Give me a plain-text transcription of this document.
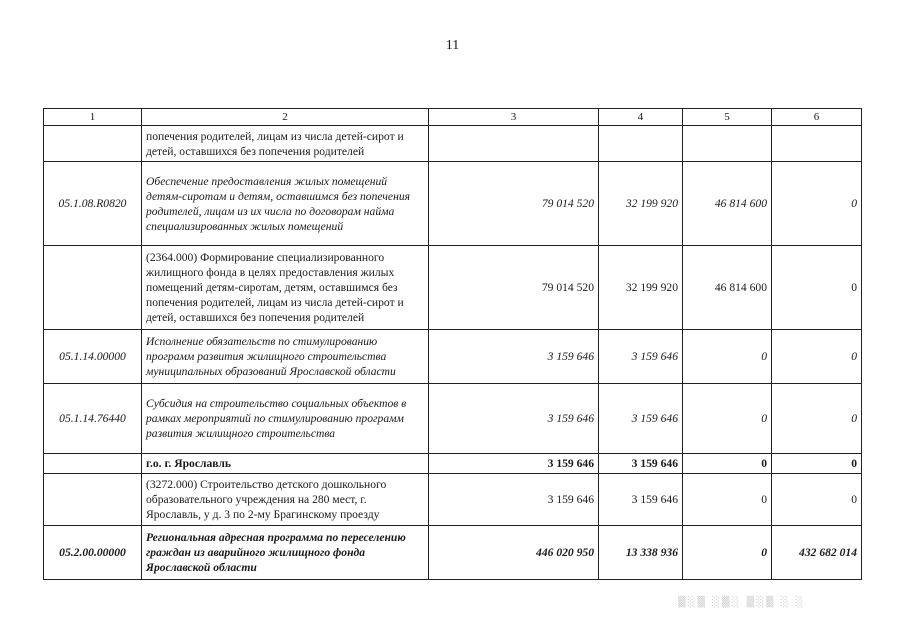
11
1	2	3	4	5	6
	попечения родителей, лицам из числа детей-сирот и детей, оставшихся без попечения родителей				
05.1.08.R0820	Обеспечение предоставления жилых помещений детям-сиротам и детям, оставшимся без попечения родителей, лицам из их числа по договорам найма специализированных жилых помещений	79 014 520	32 199 920	46 814 600	0
	(2364.000) Формирование специализированного жилищного фонда в целях предоставления жилых помещений детям-сиротам, детям, оставшимся без попечения родителей, лицам из числа детей-сирот и детей, оставшихся без попечения родителей	79 014 520	32 199 920	46 814 600	0
05.1.14.00000	Исполнение обязательств по стимулированию программ развития жилищного строительства муниципальных образований Ярославской области	3 159 646	3 159 646	0	0
05.1.14.76440	Субсидия на строительство социальных объектов в рамках мероприятий по стимулированию программ развития жилищного строительства	3 159 646	3 159 646	0	0
	г.о. г. Ярославль	3 159 646	3 159 646	0	0
	(3272.000) Строительство детского дошкольного образовательного учреждения на 280 мест, г. Ярославль, у д. 3 по 2-му Брагинскому проезду	3 159 646	3 159 646	0	0
05.2.00.00000	Региональная адресная программа по переселению граждан из аварийного жилищного фонда Ярославской области	446 020 950	13 338 936	0	432 682 014
▒░▒ ░▒░ ▒░▒ ░ ░
